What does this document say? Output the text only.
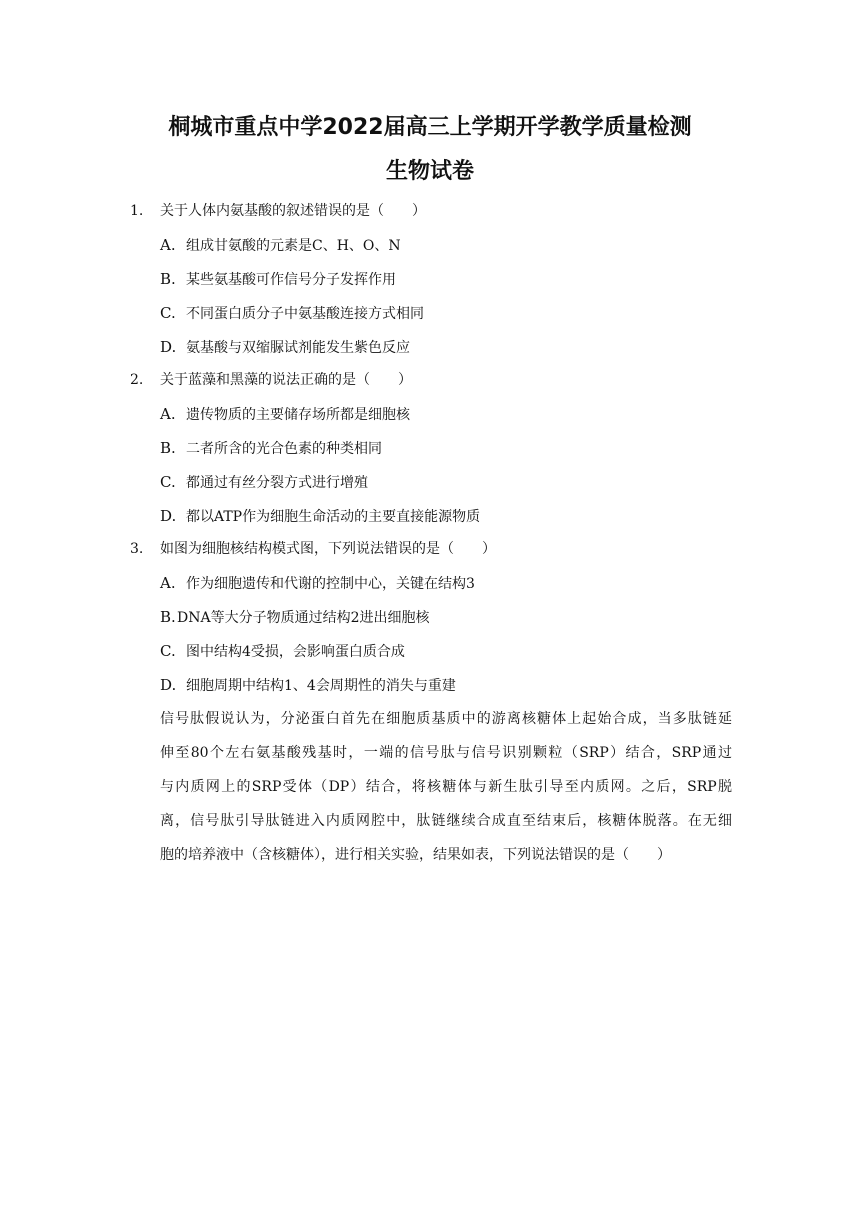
桐城市重点中学2022届高三上学期开学教学质量检测
生物试卷
1. 关于人体内氨基酸的叙述错误的是（　　）
A. 组成甘氨酸的元素是C、H、O、N
B. 某些氨基酸可作信号分子发挥作用
C. 不同蛋白质分子中氨基酸连接方式相同
D. 氨基酸与双缩脲试剂能发生紫色反应
2. 关于蓝藻和黑藻的说法正确的是（　　）
A. 遗传物质的主要储存场所都是细胞核
B. 二者所含的光合色素的种类相同
C. 都通过有丝分裂方式进行增殖
D. 都以ATP作为细胞生命活动的主要直接能源物质
3. 如图为细胞核结构模式图，下列说法错误的是（　　）
A. 作为细胞遗传和代谢的控制中心，关键在结构3
B.DNA等大分子物质通过结构2进出细胞核
C. 图中结构4受损，会影响蛋白质合成
D. 细胞周期中结构1、4会周期性的消失与重建
信号肽假说认为，分泌蛋白首先在细胞质基质中的游离核糖体上起始合成，当多肽链延
伸至80个左右氨基酸残基时，一端的信号肽与信号识别颗粒（SRP）结合，SRP通过
与内质网上的SRP受体（DP）结合，将核糖体与新生肽引导至内质网。之后，SRP脱
离，信号肽引导肽链进入内质网腔中，肽链继续合成直至结束后，核糖体脱落。在无细
胞的培养液中（含核糖体），进行相关实验，结果如表，下列说法错误的是（　　）
